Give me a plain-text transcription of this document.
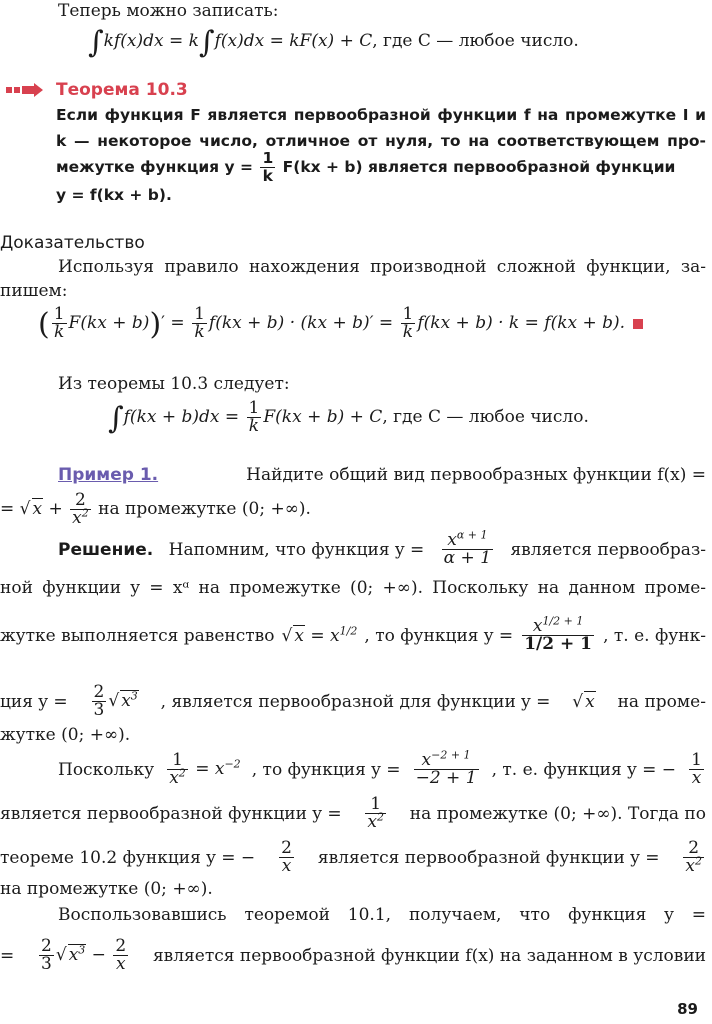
Теперь можно записать:
∫kf(x)dx = k∫f(x)dx = kF(x) + C, где C — любое число.
Теорема 10.3
Если функция F является первообразной функции f на промежутке I и
k — некоторое число, отличное от нуля, то на соответствующем про-
межутке функция $y = \frac{1}{k} F(kx + b)$ является первообразной функции
y = f(kx + b).
Доказательство
Используя правило нахождения производной сложной функции, за-
пишем:
( $\frac{1}{k} F(kx + b))' = \frac{1}{k} f(kx + b) \cdot (kx + b)' = \frac{1}{k} f(kx + b) \cdot k = f(kx + b)$.
Из теоремы 10.3 следует:
$\int f(kx + b)dx = \frac{1}{k} F(kx + b) + C$, где C — любое число.
Пример 1.	Найдите общий вид первообразных функции f(x) =
= √ $x + \frac{2}{x^2}$ на промежутке (0; +∞).
Решение. Напомним, что функция $y = \frac{x^{\alpha + 1}}{\alpha + 1}$ является первообраз-
ной функции y = xᵅ на промежутке (0; +∞). Поскольку на данном проме-
жутке выполняется равенство √ $x = x^{1/2}$ , то функция $y = \frac{x^{1/2 + 1}}{1/2 + 1}$ , т. е. функ-
ция $y = \frac{2}{3}$ √ $x^3$ , является первообразной для функции y = √ x на проме-
жутке (0; +∞).
Поскольку $\frac{1}{x^2} = x^{-2}$ , то функция $y = \frac{x^{-2 + 1}}{-2 + 1}$ , т. е. функция y = − $\frac{1}{x}$
является первообразной функции $y = \frac{1}{x^2}$ на промежутке (0; +∞). Тогда по
теореме 10.2 функция y = − $\frac{2}{x}$ является первообразной функции $y = \frac{2}{x^2}$
на промежутке (0; +∞).
Воспользовавшись теоремой 10.1, получаем, что функция y =
= $\frac{2}{3}$ √ $x^3 - \frac{2}{x}$ является первообразной функции f(x) на заданном в условии
89
